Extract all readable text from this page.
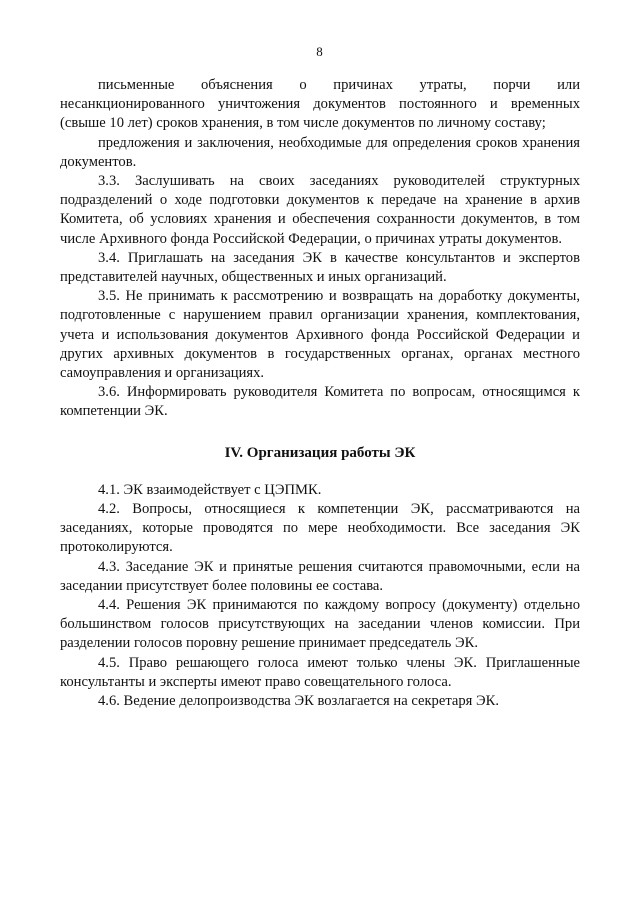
8

письменные объяснения о причинах утраты, порчи или несанкционированного уничтожения документов постоянного и временных (свыше 10 лет) сроков хранения, в том числе документов по личному составу;

предложения и заключения, необходимые для определения сроков хранения документов.

3.3. Заслушивать на своих заседаниях руководителей структурных подразделений о ходе подготовки документов к передаче на хранение в архив Комитета, об условиях хранения и обеспечения сохранности документов, в том числе Архивного фонда Российской Федерации, о причинах утраты документов.

3.4. Приглашать на заседания ЭК в качестве консультантов и экспертов представителей научных, общественных и иных организаций.

3.5. Не принимать к рассмотрению и возвращать на доработку документы, подготовленные с нарушением правил организации хранения, комплектования, учета и использования документов Архивного фонда Российской Федерации и других архивных документов в государственных органах, органах местного самоуправления и организациях.

3.6. Информировать руководителя Комитета по вопросам, относящимся к компетенции ЭК.

IV. Организация работы ЭК

4.1. ЭК взаимодействует с ЦЭПМК.

4.2. Вопросы, относящиеся к компетенции ЭК, рассматриваются на заседаниях, которые проводятся по мере необходимости. Все заседания ЭК протоколируются.

4.3. Заседание ЭК и принятые решения считаются правомочными, если на заседании присутствует более половины ее состава.

4.4. Решения ЭК принимаются по каждому вопросу (документу) отдельно большинством голосов присутствующих на заседании членов комиссии. При разделении голосов поровну решение принимает председатель ЭК.

4.5. Право решающего голоса имеют только члены ЭК. Приглашенные консультанты и эксперты имеют право совещательного голоса.

4.6. Ведение делопроизводства ЭК возлагается на секретаря ЭК.
